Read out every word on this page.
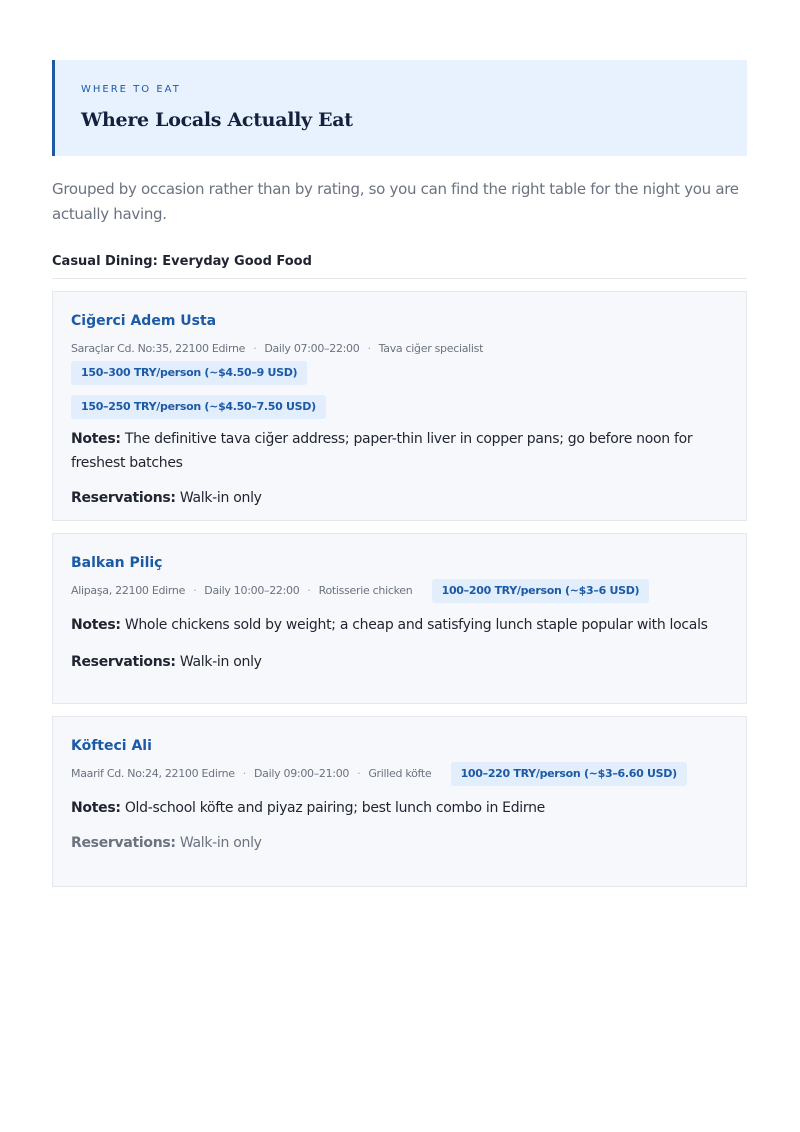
WHERE TO EAT
Where Locals Actually Eat
Grouped by occasion rather than by rating, so you can find the right table for the night you are actually having.
Casual Dining: Everyday Good Food
Ciğerci Adem Usta
Saraçlar Cd. No:35, 22100 Edirne · Daily 07:00–22:00 · Tava ciğer specialist
150–300 TRY/person (~$4.50–9 USD)
150–250 TRY/person (~$4.50–7.50 USD)
Notes: The definitive tava ciğer address; paper-thin liver in copper pans; go before noon for freshest batches
Reservations: Walk-in only
Balkan Piliç
Alipaşa, 22100 Edirne · Daily 10:00–22:00 · Rotisserie chicken	100–200 TRY/person (~$3–6 USD)
Notes: Whole chickens sold by weight; a cheap and satisfying lunch staple popular with locals
Reservations: Walk-in only
Köfteci Ali
Maarif Cd. No:24, 22100 Edirne · Daily 09:00–21:00 · Grilled köfte	100–220 TRY/person (~$3–6.60 USD)
Notes: Old-school köfte and piyaz pairing; best lunch combo in Edirne
Reservations: Walk-in only
